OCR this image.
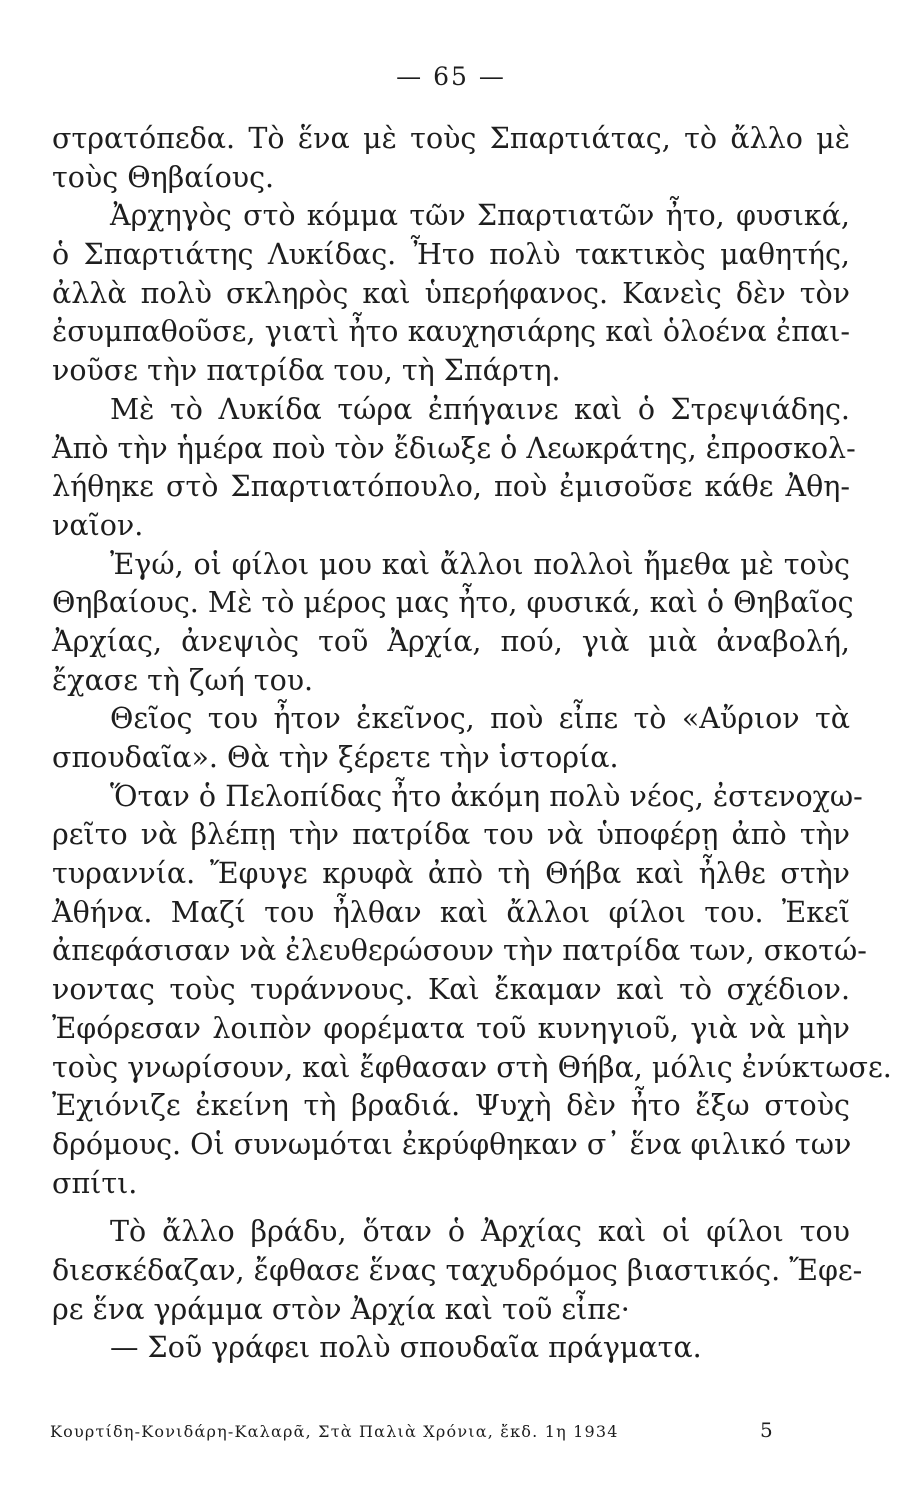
— 65 —
στρατόπεδα. Τὸ ἕνα μὲ τοὺς Σπαρτιάτας, τὸ ἄλλο μὲ
τοὺς Θηβαίους.
Ἀρχηγὸς στὸ κόμμα τῶν Σπαρτιατῶν ἦτο, φυσικά,
ὁ Σπαρτιάτης Λυκίδας. Ἦτο πολὺ τακτικὸς μαθητής,
ἀλλὰ πολὺ σκληρὸς καὶ ὑπερήφανος. Κανεὶς δὲν τὸν
ἐσυμπαθοῦσε, γιατὶ ἦτο καυχησιάρης καὶ ὁλοένα ἐπαι-
νοῦσε τὴν πατρίδα του, τὴ Σπάρτη.
Μὲ τὸ Λυκίδα τώρα ἐπήγαινε καὶ ὁ Στρεψιάδης.
Ἀπὸ τὴν ἡμέρα ποὺ τὸν ἔδιωξε ὁ Λεωκράτης, ἐπροσκολ-
λήθηκε στὸ Σπαρτιατόπουλο, ποὺ ἐμισοῦσε κάθε Ἀθη-
ναῖον.
Ἐγώ, οἱ φίλοι μου καὶ ἄλλοι πολλοὶ ἤμεθα μὲ τοὺς
Θηβαίους. Μὲ τὸ μέρος μας ἦτο, φυσικά, καὶ ὁ Θηβαῖος
Ἀρχίας, ἀνεψιὸς τοῦ Ἀρχία, πού, γιὰ μιὰ ἀναβολή,
ἔχασε τὴ ζωή του.
Θεῖος του ἦτον ἐκεῖνος, ποὺ εἶπε τὸ «Αὔριον τὰ
σπουδαῖα». Θὰ τὴν ξέρετε τὴν ἱστορία.
Ὅταν ὁ Πελοπίδας ἦτο ἀκόμη πολὺ νέος, ἐστενοχω-
ρεῖτο νὰ βλέπῃ τὴν πατρίδα του νὰ ὑποφέρῃ ἀπὸ τὴν
τυραννία. Ἔφυγε κρυφὰ ἀπὸ τὴ Θήβα καὶ ἦλθε στὴν
Ἀθήνα. Μαζί του ἦλθαν καὶ ἄλλοι φίλοι του. Ἐκεῖ
ἀπεφάσισαν νὰ ἐλευθερώσουν τὴν πατρίδα των, σκοτώ-
νοντας τοὺς τυράννους. Καὶ ἔκαμαν καὶ τὸ σχέδιον.
Ἐφόρεσαν λοιπὸν φορέματα τοῦ κυνηγιοῦ, γιὰ νὰ μὴν
τοὺς γνωρίσουν, καὶ ἔφθασαν στὴ Θήβα, μόλις ἐνύκτωσε.
Ἐχιόνιζε ἐκείνη τὴ βραδιά. Ψυχὴ δὲν ἦτο ἔξω στοὺς
δρόμους. Οἱ συνωμόται ἐκρύφθηκαν σ᾽ ἕνα φιλικό των
σπίτι.
Τὸ ἄλλο βράδυ, ὅταν ὁ Ἀρχίας καὶ οἱ φίλοι του
διεσκέδαζαν, ἔφθασε ἕνας ταχυδρόμος βιαστικός. Ἔφε-
ρε ἕνα γράμμα στὸν Ἀρχία καὶ τοῦ εἶπε·
— Σοῦ γράφει πολὺ σπουδαῖα πράγματα.
Κουρτίδη-Κονιδάρη-Καλαρᾶ, Στὰ Παλιὰ Χρόνια, ἔκδ. 1η 1934	5
